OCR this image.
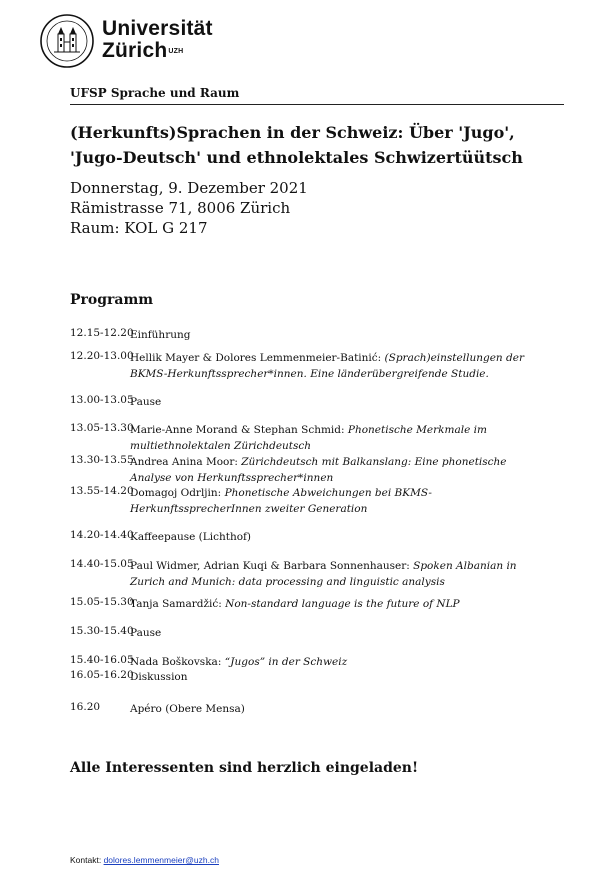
Universität
Zürich$^{UZH}$
UFSP Sprache und Raum
(Herkunfts)Sprachen in der Schweiz: Über 'Jugo', 'Jugo-Deutsch' und ethnolektales Schwizertüütsch
Donnerstag, 9. Dezember 2021
Rämistrasse 71, 8006 Zürich
Raum: KOL G 217
Programm
12.15-12.20
Einführung
12.20-13.00
Hellik Mayer & Dolores Lemmenmeier-Batinić: (Sprach)einstellungen der BKMS-Herkunftssprecher*innen. Eine länderübergreifende Studie.
13.00-13.05
Pause
13.05-13.30
Marie-Anne Morand & Stephan Schmid: Phonetische Merkmale im multiethnolektalen Zürichdeutsch
13.30-13.55
Andrea Anina Moor: Zürichdeutsch mit Balkanslang: Eine phonetische Analyse von Herkunftssprecher*innen
13.55-14.20
Domagoj Odrljin: Phonetische Abweichungen bei BKMS-HerkunftssprecherInnen zweiter Generation
14.20-14.40
Kaffeepause (Lichthof)
14.40-15.05
Paul Widmer, Adrian Kuqi & Barbara Sonnenhauser: Spoken Albanian in Zurich and Munich: data processing and linguistic analysis
15.05-15.30
Tanja Samardžić: Non-standard language is the future of NLP
15.30-15.40
Pause
15.40-16.05
Nada Boškovska: “Jugos” in der Schweiz
16.05-16.20
Diskussion
16.20	Apéro (Obere Mensa)
Alle Interessenten sind herzlich eingeladen!
Kontakt: dolores.lemmenmeier@uzh.ch
